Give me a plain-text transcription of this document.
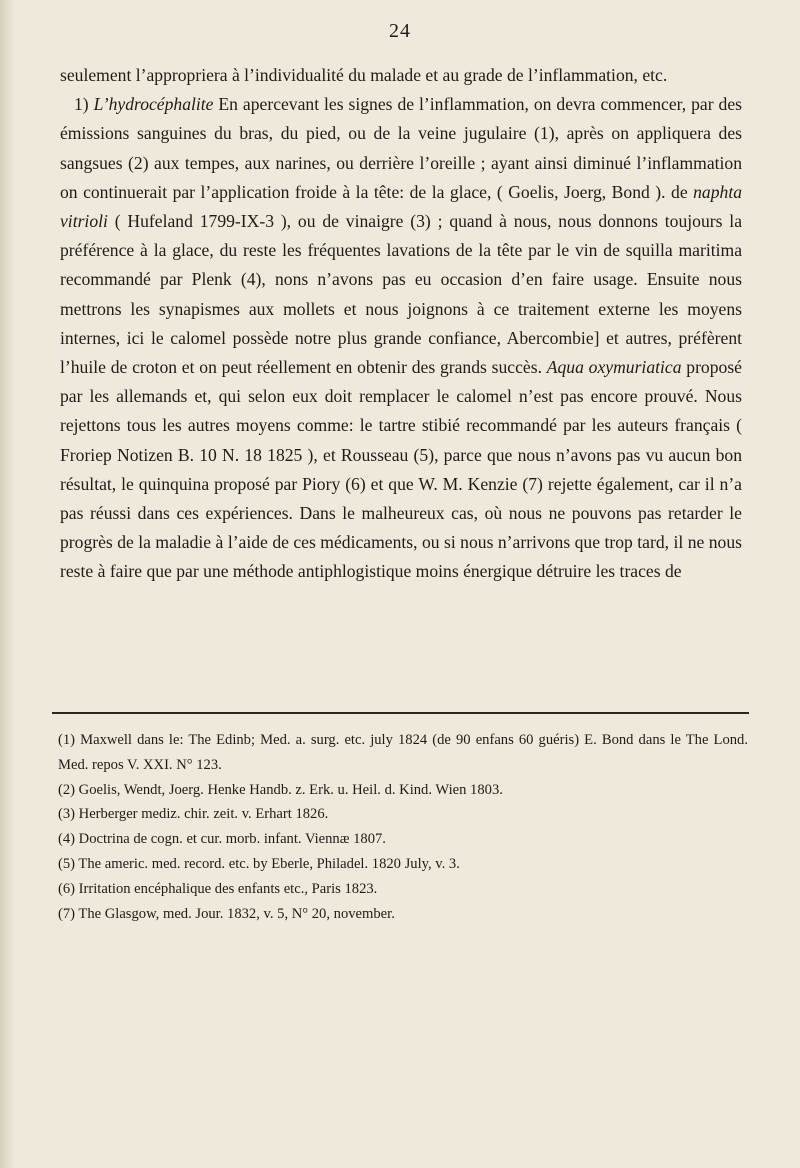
24

seulement l’appropriera à l’individualité du malade et au grade de l’inflammation, etc.

1) L’hydrocéphalite En apercevant les signes de l’inflammation, on devra commencer, par des émissions sanguines du bras, du pied, ou de la veine jugulaire (1), après on appliquera des sangsues (2) aux tempes, aux narines, ou derrière l’oreille ; ayant ainsi diminué l’inflammation on continuerait par l’application froide à la tête: de la glace, ( Goelis, Joerg, Bond ). de naphta vitrioli ( Hufeland 1799-IX-3 ), ou de vinaigre (3) ; quand à nous, nous donnons toujours la préférence à la glace, du reste les fréquentes lavations de la tête par le vin de squilla maritima recommandé par Plenk (4), nons n’avons pas eu occasion d’en faire usage. Ensuite nous mettrons les synapismes aux mollets et nous joignons à ce traitement externe les moyens internes, ici le calomel possède notre plus grande confiance, Abercombie] et autres, préfèrent l’huile de croton et on peut réellement en obtenir des grands succès. Aqua oxymuriatica proposé par les allemands et, qui selon eux doit remplacer le calomel n’est pas encore prouvé. Nous rejettons tous les autres moyens comme: le tartre stibié recommandé par les auteurs français ( Froriep Notizen B. 10 N. 18 1825 ), et Rousseau (5), parce que nous n’avons pas vu aucun bon résultat, le quinquina proposé par Piory (6) et que W. M. Kenzie (7) rejette également, car il n’a pas réussi dans ces expériences. Dans le malheureux cas, où nous ne pouvons pas retarder le progrès de la maladie à l’aide de ces médicaments, ou si nous n’arrivons que trop tard, il ne nous reste à faire que par une méthode antiphlogistique moins énergique détruire les traces de

(1) Maxwell dans le: The Edinb; Med. a. surg. etc. july 1824 (de 90 enfans 60 guéris) E. Bond dans le The Lond. Med. repos V. XXI. N° 123.
(2) Goelis, Wendt, Joerg. Henke Handb. z. Erk. u. Heil. d. Kind. Wien 1803.
(3) Herberger mediz. chir. zeit. v. Erhart 1826.
(4) Doctrina de cogn. et cur. morb. infant. Viennæ 1807.
(5) The americ. med. record. etc. by Eberle, Philadel. 1820 July, v. 3.
(6) Irritation encéphalique des enfants etc., Paris 1823.
(7) The Glasgow, med. Jour. 1832, v. 5, N° 20, november.
